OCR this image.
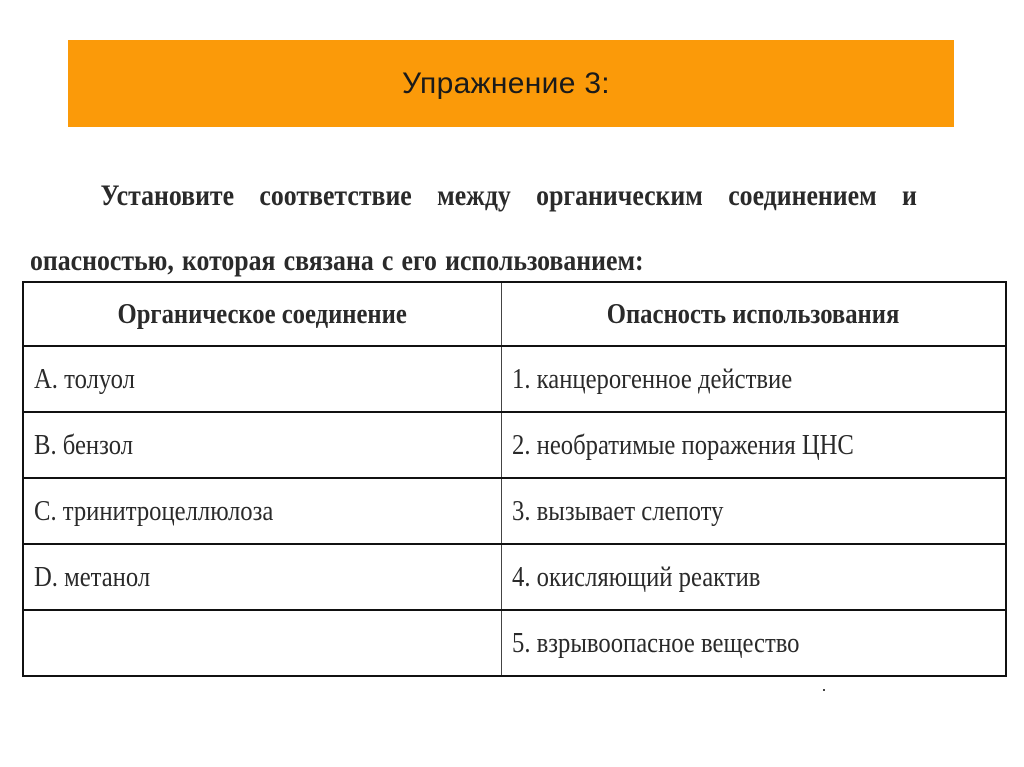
Упражнение 3:
Установите соответствие между органическим соединением и
опасностью, которая связана с его использованием:
Органическое соединение	Опасность использования
A. толуол	1. канцерогенное действие
B. бензол	2. необратимые поражения ЦНС
C. тринитроцеллюлоза	3. вызывает слепоту
D. метанол	4. окисляющий реактив
	5. взрывоопасное вещество
